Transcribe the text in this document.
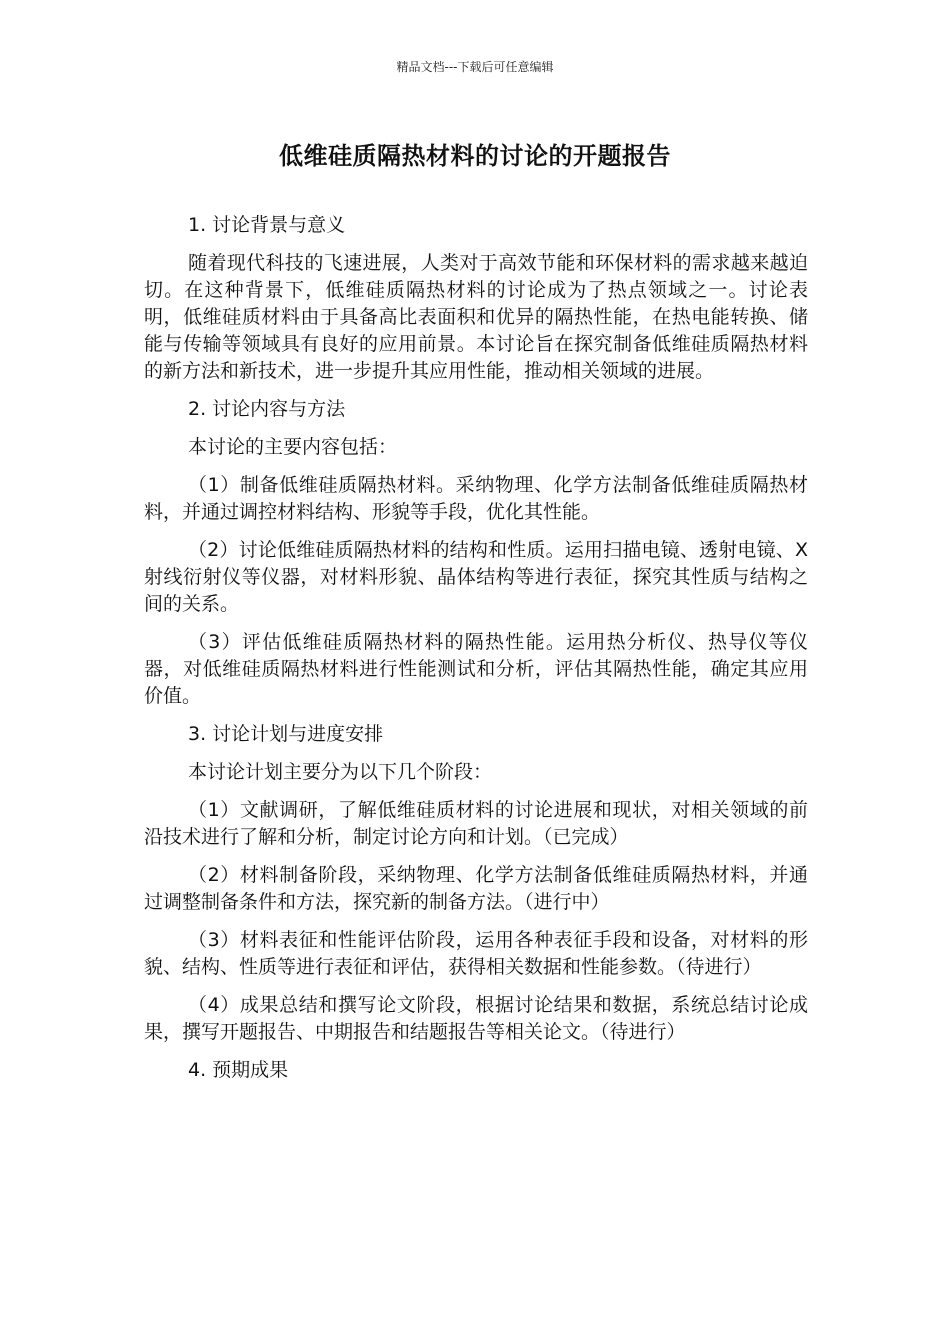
精品文档---下载后可任意编辑
低维硅质隔热材料的讨论的开题报告

1. 讨论背景与意义

随着现代科技的飞速进展，人类对于高效节能和环保材料的需求越来越迫切。在这种背景下，低维硅质隔热材料的讨论成为了热点领域之一。讨论表明，低维硅质材料由于具备高比表面积和优异的隔热性能，在热电能转换、储能与传输等领域具有良好的应用前景。本讨论旨在探究制备低维硅质隔热材料的新方法和新技术，进一步提升其应用性能，推动相关领域的进展。

2. 讨论内容与方法

本讨论的主要内容包括：

（1）制备低维硅质隔热材料。采纳物理、化学方法制备低维硅质隔热材料，并通过调控材料结构、形貌等手段，优化其性能。

（2）讨论低维硅质隔热材料的结构和性质。运用扫描电镜、透射电镜、X 射线衍射仪等仪器，对材料形貌、晶体结构等进行表征，探究其性质与结构之间的关系。

（3）评估低维硅质隔热材料的隔热性能。运用热分析仪、热导仪等仪器，对低维硅质隔热材料进行性能测试和分析，评估其隔热性能，确定其应用价值。

3. 讨论计划与进度安排

本讨论计划主要分为以下几个阶段：

（1）文献调研，了解低维硅质材料的讨论进展和现状，对相关领域的前沿技术进行了解和分析，制定讨论方向和计划。（已完成）

（2）材料制备阶段，采纳物理、化学方法制备低维硅质隔热材料，并通过调整制备条件和方法，探究新的制备方法。（进行中）

（3）材料表征和性能评估阶段，运用各种表征手段和设备，对材料的形貌、结构、性质等进行表征和评估，获得相关数据和性能参数。（待进行）

（4）成果总结和撰写论文阶段，根据讨论结果和数据，系统总结讨论成果，撰写开题报告、中期报告和结题报告等相关论文。（待进行）

4. 预期成果
